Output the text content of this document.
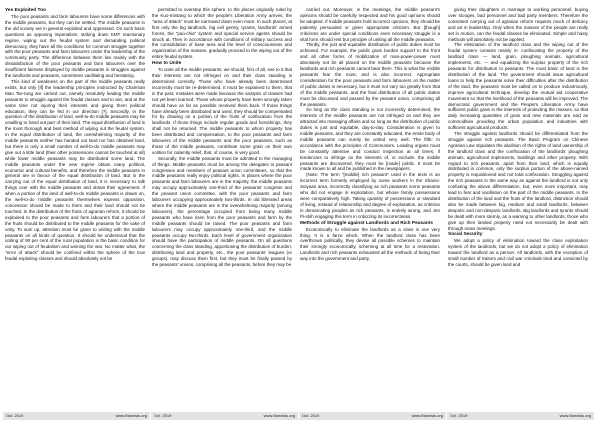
Yes Exploited Too

The poor peasants and farm labourers have some differences with the middle peasants, but they can be settled. The middle peasants in the old society are in general exploited and oppressed. On such basic questions as opposing imperialism, striking down KMT reactionary regime, wiping out the feudal system and demanding political democracy, they have all the conditions for common struggle together with the poor peasants and farm labourers under the leadership of the community party. The difference between them lies mainly with the dissatisfaction of the poor peasants and farm labourers over the insufficient fairness displayed by middle peasants in struggles against the landlords and peasants, sometimes vacillating and hesitating.

This kind of weakness on the part of the middle peasants really exists, but only [if] the leadership principles instructed by Chairman Mao Tse-tung are carried out, namely resolutely leading the middle peasants to struggle against the feudal classes and to win, and at the same time not injuring their interests and giving them political education, they can be fed in our direction [?]. Secondly, in the question of the distribution of land, well-to-do middle peasants may be unwilling to hand out part of their land. The equal distribution of land is the most thorough and best method of wiping out the feudal system. In the equal distribution of land, the overwhelming majority of the middle peasants neither has handed out land nor has obtained land, but there is only a small number of well-to-do middle peasants may give out a little land (their other possessions cannot be touched at all) while lower middle peasants may be distributed some land. The middle peasants under the new regime obtain many political, economic and cultural benefits, and therefore the middle peasants in general are in favour of the equal distribution of land. But in the carrying out of the equal distribution of land, it is necessary to talk things over with the middle peasants and obtain their agreement. If when a portion of the land of well-to-do middle peasants is drawn on, the well-to-do middle peasants themselves express opposition, concession should be made to them and their land should not be touched. In the distribution of the fruits of agrarian reform, it should be explained to the poor peasants and farm labourers that a portion of the fruits should be distributed to the middle peasants for the sake of unity. To sum up, attention must be given to uniting with the middle peasants on all kinds of question. It should be understood that the uniting of 90 per cent of the rural population is the basic condition for our wiping out of feudalism and winning the war. No matter what, the "error of attack" should be confined within the sphere of the true feudal exploiting classes and should absolutely not be

permitted to overstep this sphere. In the places originally ruled by the Kuo-mintang to which the people's Liberation Army arrives, the "area of attack" must be narrowed down even more. In such places, at first only the big landlords, big evil gentry, tyrants, landlords' armed forces, the "pao-chia" system and special service agents should be struck at. Then in accordance with conditions of military success and the consolidation of base area and the level of consciousness and organization of the masses, gradually proceed to the wiping out of the entire feudal system.

How to Unite

To unite all the middle peasants, we should, first of all, see to it that their interests are not infringed on and their class standing is determined correctly. Those who have already been determined incorrectly must be re-determined. It must be explained to them, that in the past, mistakes were made because the analysis of classes had not yet been learned. Those whose property have been wrongly taken should have as far as possible received them back. If those things have already been distributed and used, they should be compensated for by drawing on a portion of the fruits of confiscation from the landlords. If those things include regular goods and furnishings, they shall not be returned. The middle peasants to whom property has been distributed and compensation, to the poor peasants and farm labourers of the middle peasants and the poor peasants, such as those of the middle peasants, contribute some grain on their own volition for calamity relief, that, of course, is very good.

Secondly, the middle peasants must be admitted to the managing of things. Middle peasants must be among the delegates to peasant congresses and members of peasant union committees, so that the middle peasants really enjoy political rights. In places where the poor peasants and farm labourers are in the majority, the middle peasants may occupy approximately one-third of the peasants' congress and the peasant union committee, with the poor peasants and farm labourers occupying approximately two-thirds. In old liberated areas where the middle peasants are in the overwhelming majority (among labourers), the percentage occupied from being many middle peasants who have risen from the poor peasants and farm by the middle peasants should be raised. The poor peasants and farm labourers may occupy approximately one-third, and the middle peasants occupy two-thirds. Each level of government organization should have the participation of middle peasants. On all questions concerning the class standing, apportioning the distribution of burden, distributing land and property, etc., the poor peasants' leagues (or groups), may discuss them first, but they must be finally passed by the peasants' unions, comprising all the peasants, before they may be

carried out. Moreover, in the meetings, the middle peasant's opinions should be carefully respected and his good opinions should be adopted. If middle peasants hold incorrect opinions, they should be patiently persuaded or given appropriate criticism. But [though] criticisms are under special conditions even necessary struggle is a vital form should rest but principle of uniting all the middle peasants.

Thirdly, the just and equitable distribution of public duties must be achieved. For example, the public grain burden support to the front and all other forms of mobilization of man-power-power must absolutely not be all placed on the middle peasants because the landlords and rich peasants cannot bear them. This is what the middle peasants fear the most, and is also incorrect. Appropriate consideration for the poor peasants and farm labourers on the matter of public duties is necessary, but it must not vary too greatly from that of the middle peasants, and the final distribution of all public duties must be discussed and passed by the peasant union, comprising all the peasants.

So long as the class standing is not incorrectly determined, the interests of the middle peasants are not infringed on and they are attracted into managing affairs and so long as the distribution of public duties is just and equitable, day-to-day. Consideration is given to middle peasants, and they are constantly educated, the entire body of middle peasants can surely be united very well. The fifth: In accordance with the principles of Communism. Leading organs must be constantly attentive and conduct inspection at all times; if tendencies to infringe on the interests of, or exclude, the middle peasants are discovered, they must be [made] public. It must be made known to all and be published in the newspapers.

(Note: The term "[middle] rich peasant" used in the texts is an incorrect term formerly employed by some workers in the Shansi-Suiyuan area, incorrectly classifying as rich peasants some peasants who did not engage in exploitation, but whose family possessions were comparatively high. Taking quantity of possessions or standard of living, instead of relationship and degree of exploitation, as criterion in demarcating peoples as rich peasants, is entirely wrong, and Jen Pi-shih engaging this term in criticizing its incorrectness.

Methods of Struggle against Landlords and Rich Peasants

Economically to eliminate the landlords as a class is one very thing. It is a farce which. When the landlord class has been overthrown politically, they devise all possible schemes to maintain their strongly economically, scheming at all time for a restoration. Landlords and rich peasants exhausted all the methods of being their way into the government and party,

giving their daughters in marriage to working personnel, buying over stooges, bad personnel and bad party members. Therefore the consistent carrying out of agrarian reform requires much of delicacy and art in leadership. Only when the masses of the people are really set in motion, can the feudal classes be eliminated. Simple and hasty methods will absolutely not be applied.

The elimination of the landlord class and the wiping out of the feudal system consists mainly in: confiscating the property of the landlord class — land, grain, ploughing animals, agricultural implements, etc. — and equalizing the surplus property of the rich peasants for distribution to peasants. The most basic of land is the distribution of the land. The government should issue agricultural loans to help the peasants solve their difficulties after the distribution of the land, the peasants must be called on to produce industriously, improve agricultural technique, develop the mutual aid cooperative movement so that the livelihood of the peasants will be improved. The democratic government and the People's Liberation Army have sufficient public grain in the interests of protecting the masses, so that daily increasing quantities of grain and new materials are sold as commodities providing the urban population and industries with sufficient agricultural products.

The struggle against landlords should be differentiated from the struggle against rich peasants. The Basic Program on Chinese Agrarian Law stipulates the abolition of the rights of land ownership of the landlord class and the confiscation of the landlords' ploughing animals, agricultural implements, buildings and other property. With regard to rich peasants, apart from their land, which is equally distributed in common, only the surplus portion of the above-named property is requisitioned and not total confiscation. Struggling against the rich peasants in the same way as against the landlord is not only confusing the above differentiation, but, even more important, may lead to fear and vacillation on the part of the middle peasants. In the distribution of the land and the fruits of the landlord, distinction should also be made between big, medium and small landlords, between despotic and non-despotic landlords. Big landlords and tyrants should be dealt with more sternly, as a warning to other landlords, those who give up their landed property need not necessarily be dealt with through mass meetings.

Social Security

We adopt a policy of elimination toward the class exploitation system of the landlords, but we do not adopt a policy of elimination toward the landlord as a person. All landlords, with the exception of small number of traitors and civil war criminals tried and convicted by the courts, should be given land and

Oct. 2019	www.Marxists.org Oct. 2019	www.Marxists.org Oct. 2019	www.Marxists.org Oct. 2019	www.Marxists.org
